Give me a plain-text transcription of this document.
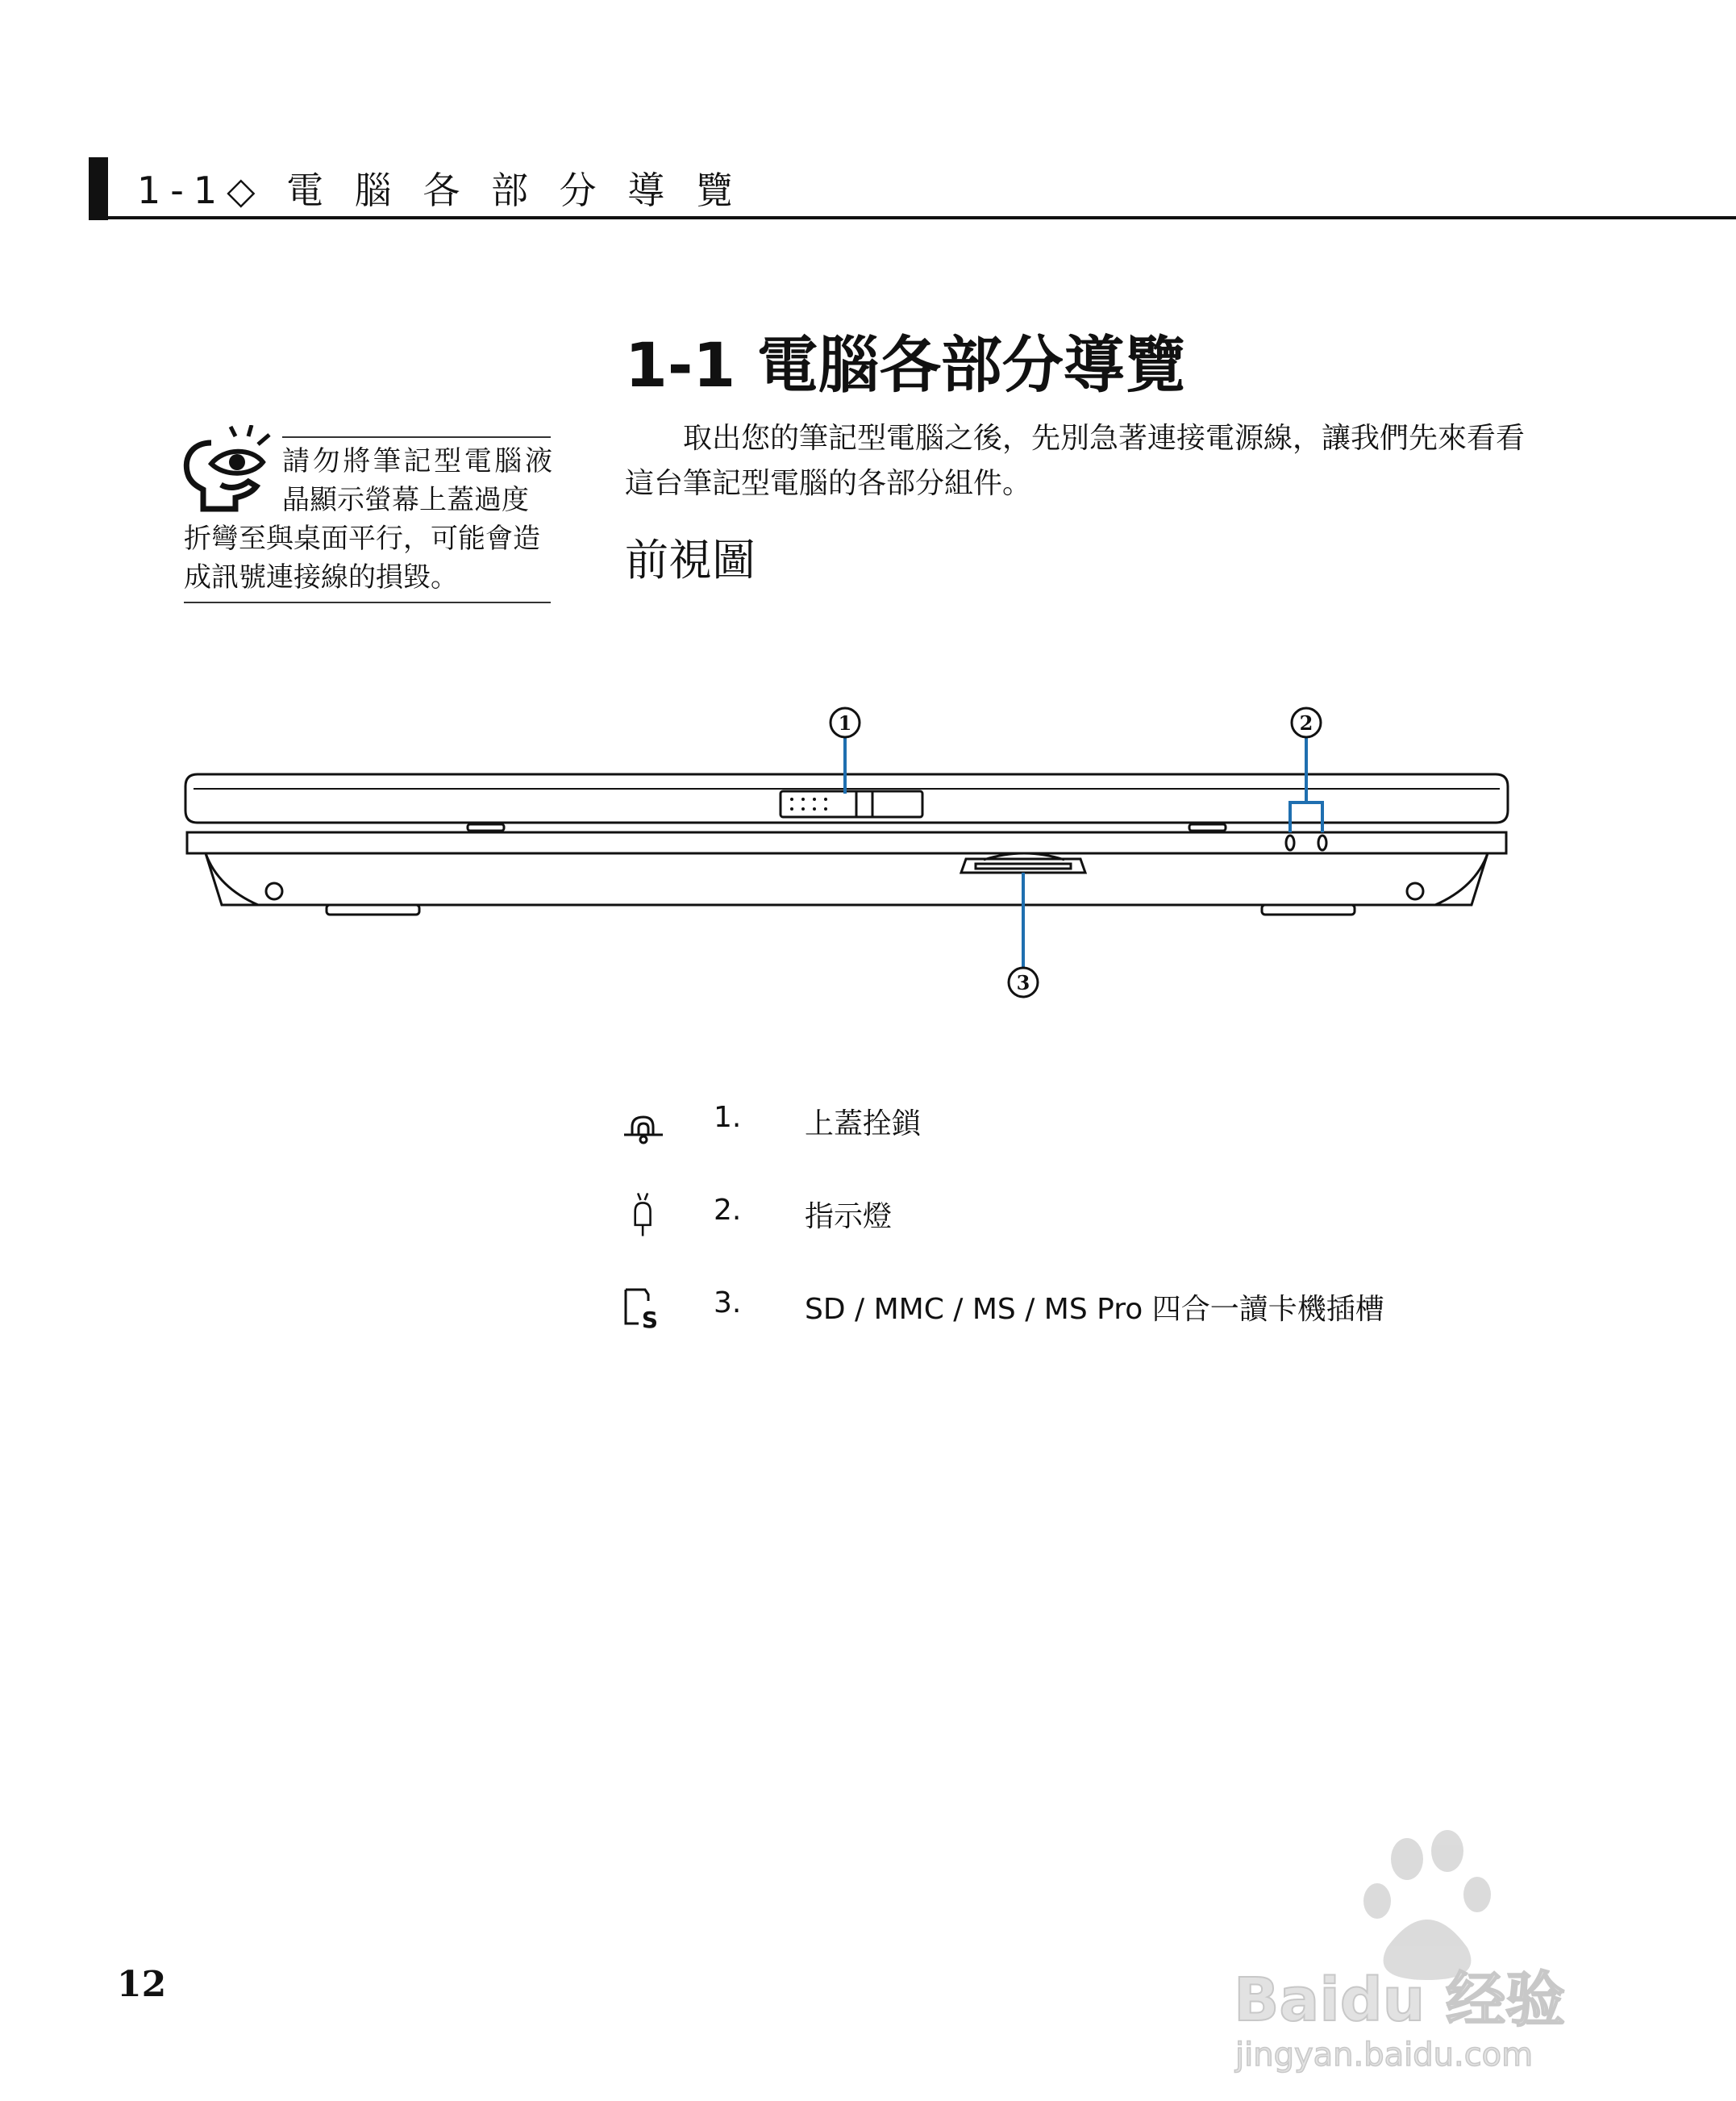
1-1◇ 電 腦 各 部 分 導 覽
1-1 電腦各部分導覽
取出您的筆記型電腦之後，先別急著連接電源線，讓我們先來看看這台筆記型電腦的各部分組件。
前視圖
請勿將筆記型電腦液晶顯示螢幕上蓋過度
折彎至與桌面平行，可能會造成訊號連接線的損毀。
1	2
3
1. 上蓋拴鎖
2. 指示燈
S
3. SD / MMC / MS / MS Pro 四合一讀卡機插槽
12	Baidu 经验
jingyan.baidu.com
